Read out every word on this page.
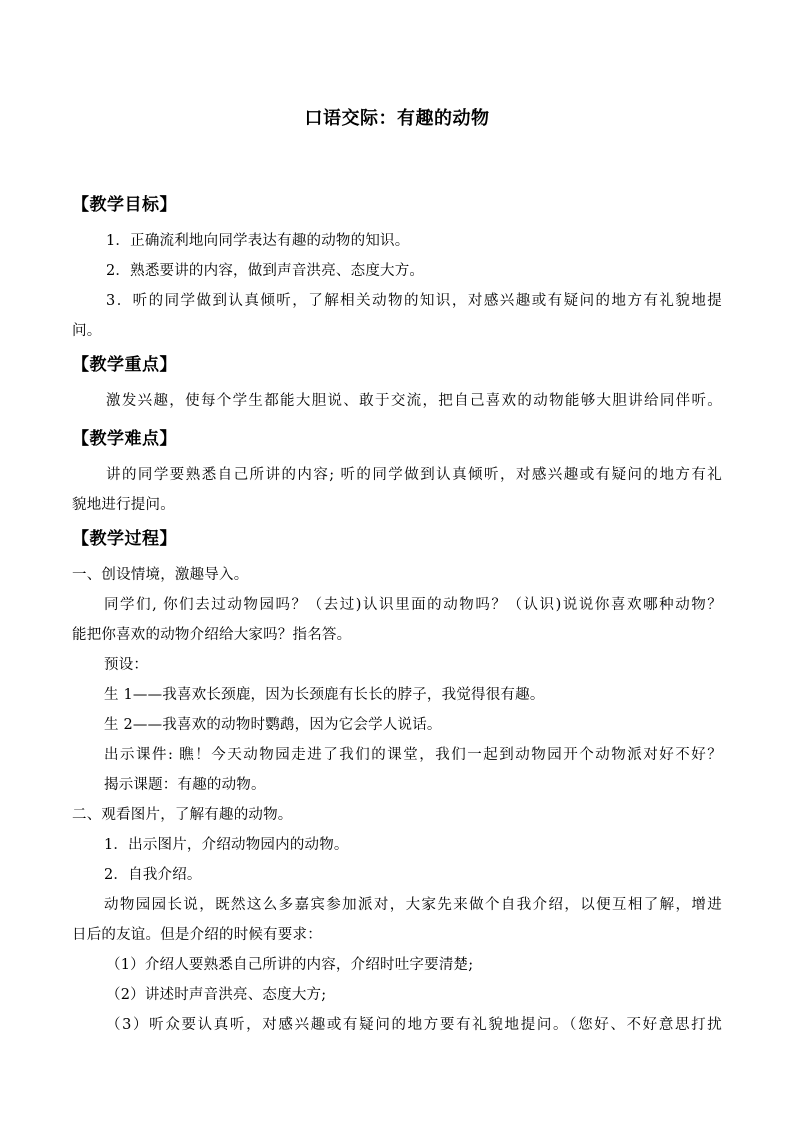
口语交际：有趣的动物
【教学目标】
1．正确流利地向同学表达有趣的动物的知识。
2．熟悉要讲的内容，做到声音洪亮、态度大方。
3．听的同学做到认真倾听，了解相关动物的知识，对感兴趣或有疑问的地方有礼貌地提
问。
【教学重点】
激发兴趣，使每个学生都能大胆说、敢于交流，把自己喜欢的动物能够大胆讲给同伴听。
【教学难点】
讲的同学要熟悉自己所讲的内容; 听的同学做到认真倾听，对感兴趣或有疑问的地方有礼
貌地进行提问。
【教学过程】
一、创设情境，激趣导入。
同学们, 你们去过动物园吗？（去过)认识里面的动物吗？（认识)说说你喜欢哪种动物？
能把你喜欢的动物介绍给大家吗？指名答。
预设：
生 1——我喜欢长颈鹿，因为长颈鹿有长长的脖子，我觉得很有趣。
生 2——我喜欢的动物时鹦鹉，因为它会学人说话。
出示课件: 瞧！今天动物园走进了我们的课堂，我们一起到动物园开个动物派对好不好？
揭示课题：有趣的动物。
二、观看图片，了解有趣的动物。
1．出示图片，介绍动物园内的动物。
2．自我介绍。
动物园园长说，既然这么多嘉宾参加派对，大家先来做个自我介绍，以便互相了解，增进
日后的友谊。但是介绍的时候有要求：
（1）介绍人要熟悉自己所讲的内容，介绍时吐字要清楚;
（2）讲述时声音洪亮、态度大方;
（3）听众要认真听，对感兴趣或有疑问的地方要有礼貌地提问。（您好、不好意思打扰
